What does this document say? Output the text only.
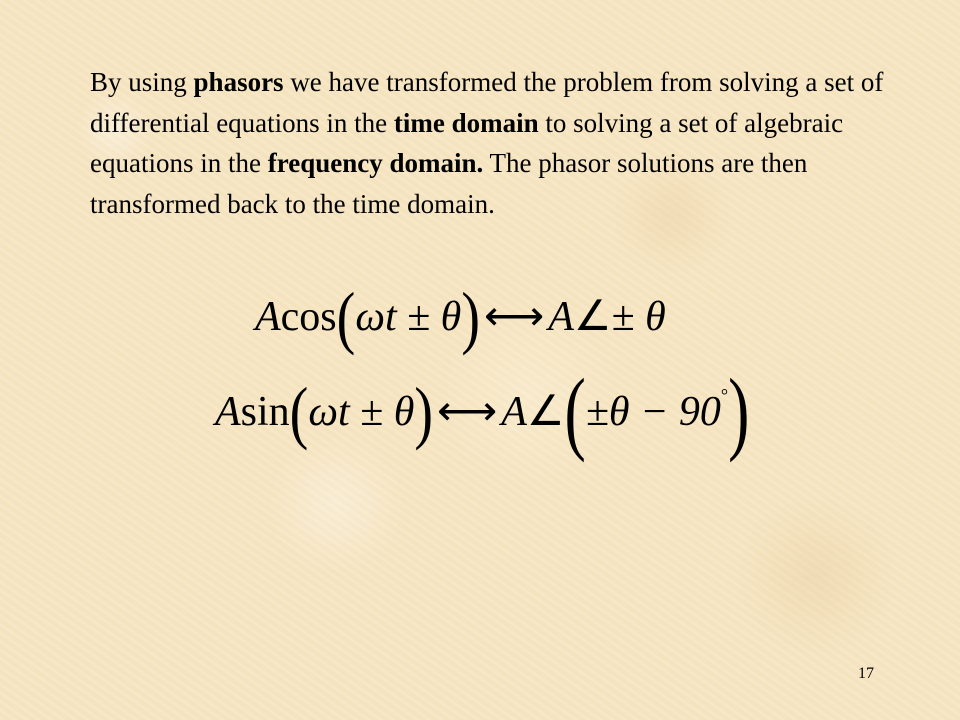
By using phasors we have transformed the problem from solving a set of differential equations in the time domain to solving a set of algebraic equations in the frequency domain. The phasor solutions are then transformed back to the time domain.

Acos(ωt ± θ)⟷A∠± θ
Asin(ωt ± θ)⟷A∠(±θ − 90°)
17
